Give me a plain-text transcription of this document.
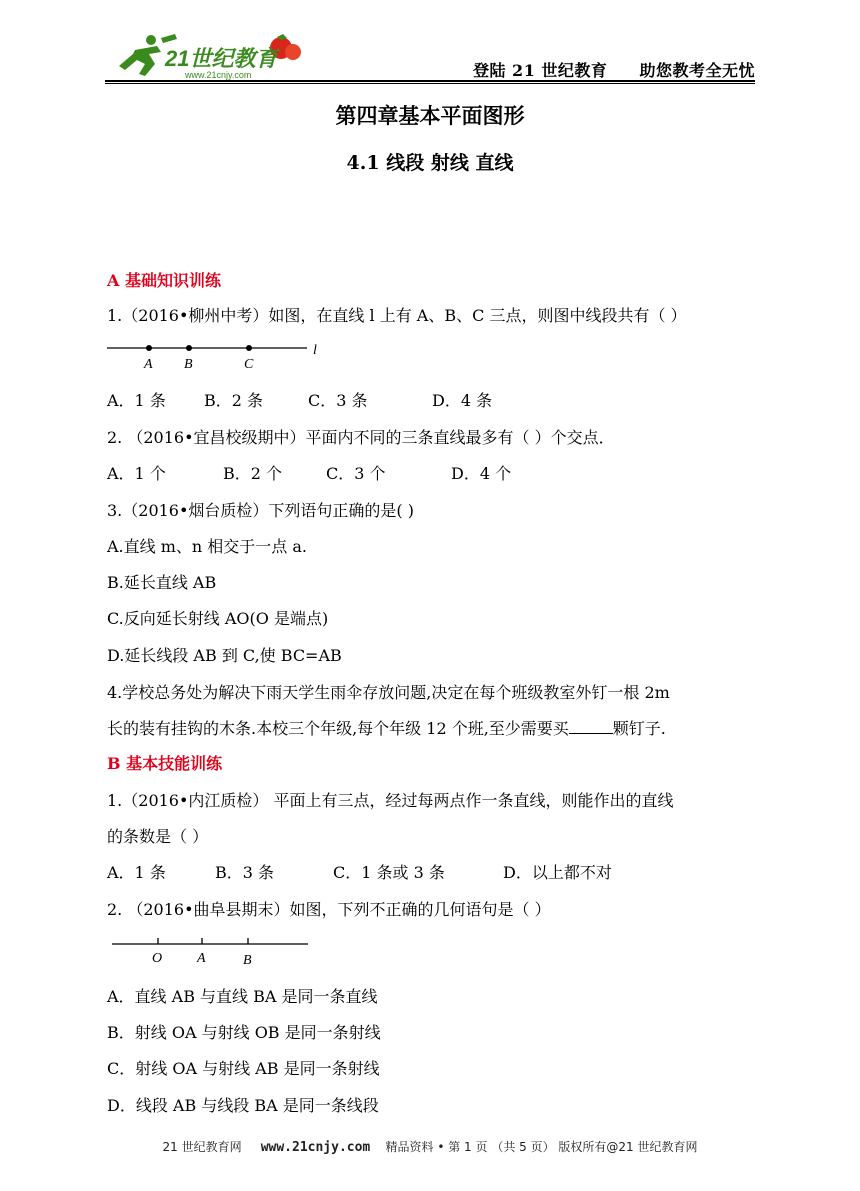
21世纪教育
www.21cnjy.com	登陆 21 世纪教育 助您教考全无忧
第四章基本平面图形
4.1 线段 射线 直线
A 基础知识训练
1.（2016•柳州中考）如图，在直线 l 上有 A、B、C 三点，则图中线段共有（ ）
A B	C
l
A．1 条 B．2 条	C．3 条	D．4 条
2. （2016•宜昌校级期中）平面内不同的三条直线最多有（ ）个交点．
A．1 个	B．2 个	C．3 个	D．4 个
3.（2016•烟台质检）下列语句正确的是( )
A.直线 m、n 相交于一点 a.
B.延长直线 AB
C.反向延长射线 AO(O 是端点)
D.延长线段 AB 到 C,使 BC=AB
4.学校总务处为解决下雨天学生雨伞存放问题,决定在每个班级教室外钉一根 2m
长的装有挂钩的木条.本校三个年级,每个年级 12 个班,至少需要买	颗钉子.
B 基本技能训练
1.（2016•内江质检） 平面上有三点，经过每两点作一条直线，则能作出的直线
的条数是（ ）
A．1 条	B．3 条	C．1 条或 3 条	D．以上都不对
2. （2016•曲阜县期末）如图，下列不正确的几何语句是（ ）
O A	B
A．直线 AB 与直线 BA 是同一条直线
B．射线 OA 与射线 OB 是同一条射线
C．射线 OA 与射线 AB 是同一条射线
D．线段 AB 与线段 BA 是同一条线段
21 世纪教育网 www.21cnjy.com 精品资料 • 第 1 页 （共 5 页） 版权所有@21 世纪教育网
